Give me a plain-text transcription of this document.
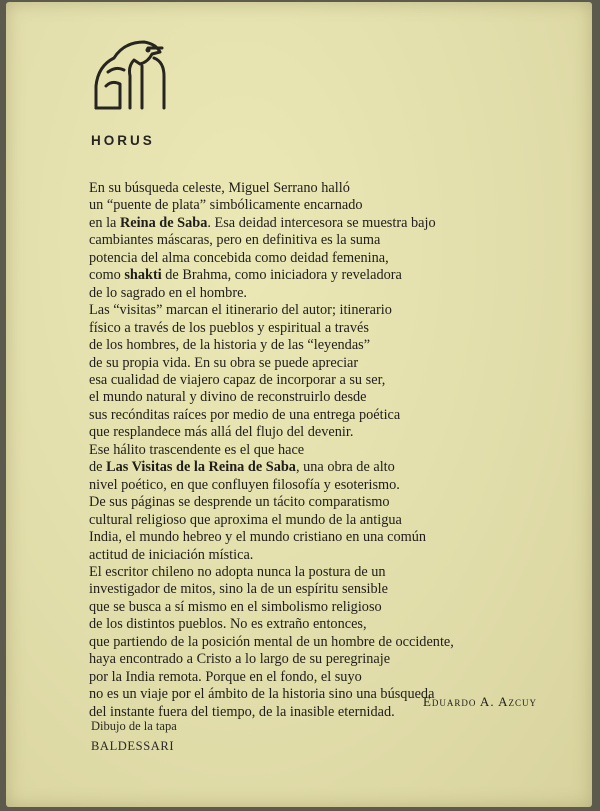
HORUS
En su búsqueda celeste, Miguel Serrano halló
un “puente de plata” simbólicamente encarnado
en la Reina de Saba. Esa deidad intercesora se muestra bajo
cambiantes máscaras, pero en definitiva es la suma
potencia del alma concebida como deidad femenina,
como shakti de Brahma, como iniciadora y reveladora
de lo sagrado en el hombre.
Las “visitas” marcan el itinerario del autor; itinerario
físico a través de los pueblos y espiritual a través
de los hombres, de la historia y de las “leyendas”
de su propia vida. En su obra se puede apreciar
esa cualidad de viajero capaz de incorporar a su ser,
el mundo natural y divino de reconstruirlo desde
sus recónditas raíces por medio de una entrega poética
que resplandece más allá del flujo del devenir.
Ese hálito trascendente es el que hace
de Las Visitas de la Reina de Saba, una obra de alto
nivel poético, en que confluyen filosofía y esoterismo.
De sus páginas se desprende un tácito comparatismo
cultural religioso que aproxima el mundo de la antigua
India, el mundo hebreo y el mundo cristiano en una común
actitud de iniciación mística.
El escritor chileno no adopta nunca la postura de un
investigador de mitos, sino la de un espíritu sensible
que se busca a sí mismo en el simbolismo religioso
de los distintos pueblos. No es extraño entonces,
que partiendo de la posición mental de un hombre de occidente,
haya encontrado a Cristo a lo largo de su peregrinaje
por la India remota. Porque en el fondo, el suyo
no es un viaje por el ámbito de la historia sino una búsqueda
del instante fuera del tiempo, de la inasible eternidad.
Eduardo A. Azcuy
Dibujo de la tapa
BALDESSARI
